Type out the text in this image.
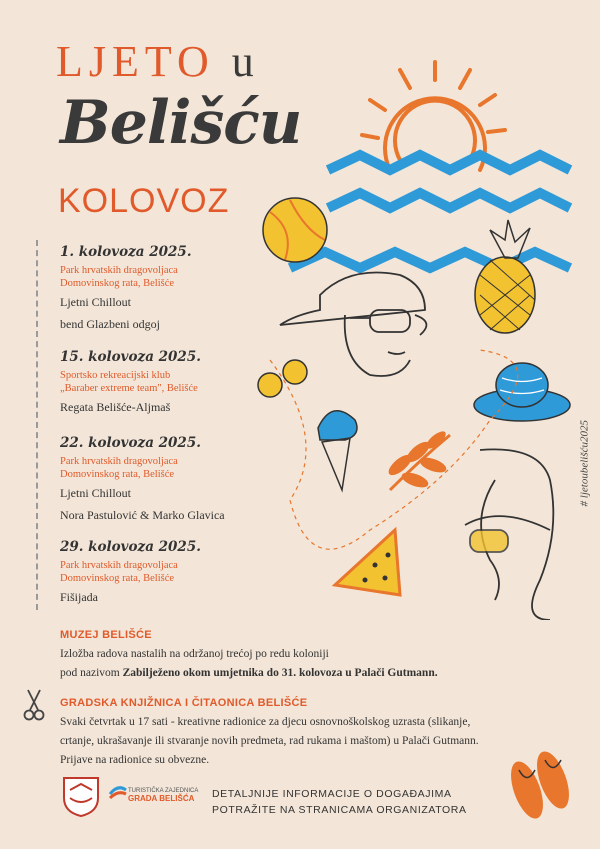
LJETO u
Belišću
KOLOVOZ
1. kolovoza 2025.
Park hrvatskih dragovoljaca
Domovinskog rata, Belišće
Ljetni Chillout
bend Glazbeni odgoj
15. kolovoza 2025.
Sportsko rekreacijski klub
„Baraber extreme team", Belišće
Regata Belišće-Aljmaš
22. kolovoza 2025.
Park hrvatskih dragovoljaca
Domovinskog rata, Belišće
Ljetni Chillout
Nora Pastulović & Marko Glavica
29. kolovoza 2025.
Park hrvatskih dragovoljaca
Domovinskog rata, Belišće
Fišijada
MUZEJ BELIŠĆE
Izložba radova nastalih na održanoj trećoj po redu koloniji
pod nazivom Zabilježeno okom umjetnika do 31. kolovoza u Palači Gutmann.
GRADSKA KNJIŽNICA I ČITAONICA BELIŠĆE
Svaki četvrtak u 17 sati - kreativne radionice za djecu osnovnoškolskog uzrasta (slikanje,
crtanje, ukrašavanje ili stvaranje novih predmeta, rad rukama i maštom) u Palači Gutmann.
Prijave na radionice su obvezne.
# ljetoubelišću2025
TURISTIČKA ZAJEDNICA
GRADA BELIŠĆA	DETALJNIJE INFORMACIJE O DOGAĐAJIMA
POTRAŽITE NA STRANICAMA ORGANIZATORA
